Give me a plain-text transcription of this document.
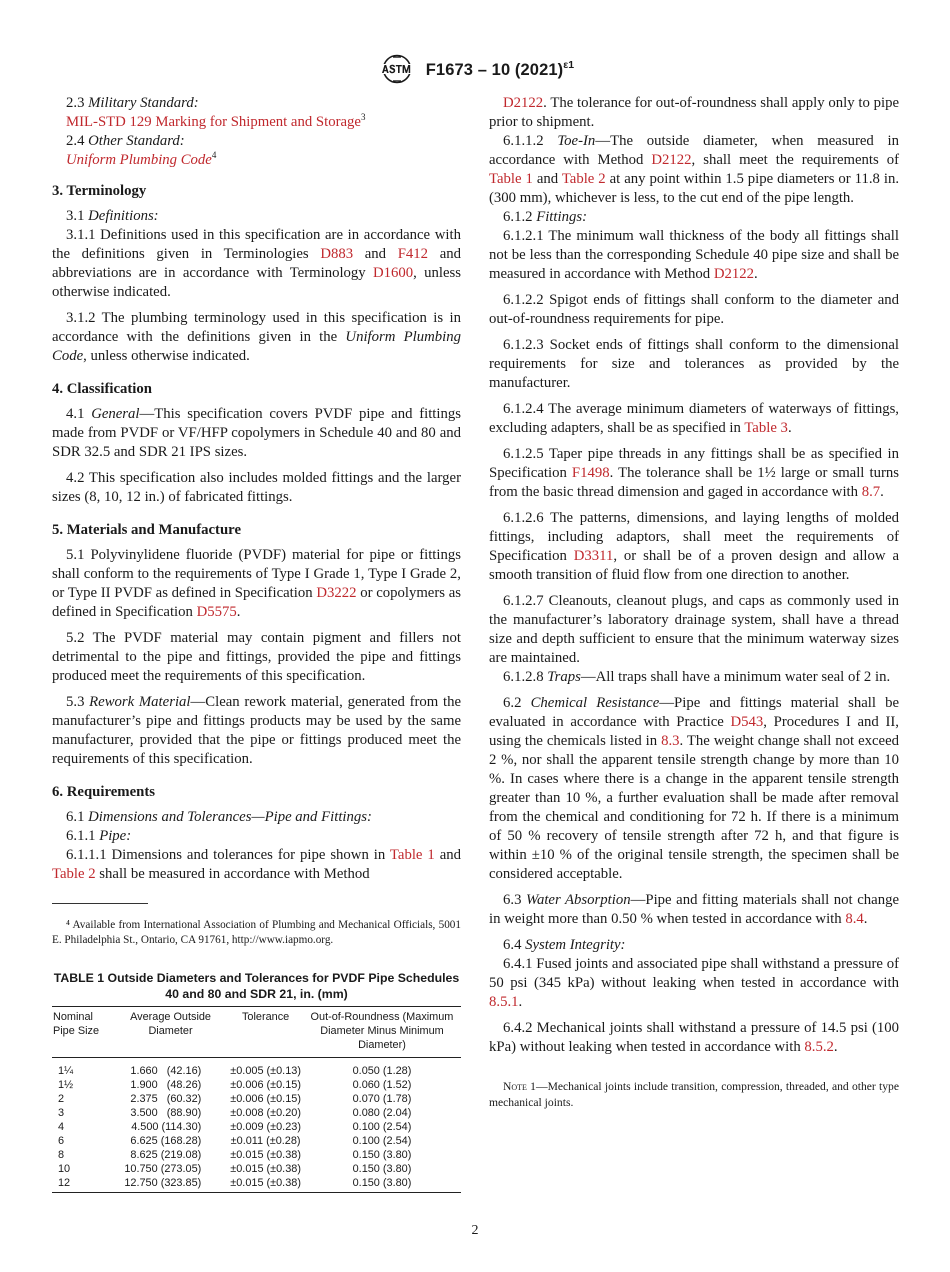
F1673 – 10 $(2021)^{\varepsilon 1}$

2.3 Military Standard:

MIL-STD 129 Marking for Shipment and Storage$^3$

2.4 Other Standard:

Uniform Plumbing Code$^4$

3. Terminology

3.1 Definitions:

3.1.1 Definitions used in this specification are in accordance with the definitions given in Terminologies D883 and F412 and abbreviations are in accordance with Terminology D1600, unless otherwise indicated.

3.1.2 The plumbing terminology used in this specification is in accordance with the definitions given in the Uniform Plumbing Code, unless otherwise indicated.

4. Classification

4.1 General—This specification covers PVDF pipe and fittings made from PVDF or VF/HFP copolymers in Schedule 40 and 80 and SDR 32.5 and SDR 21 IPS sizes.

4.2 This specification also includes molded fittings and the larger sizes (8, 10, 12 in.) of fabricated fittings.

5. Materials and Manufacture

5.1 Polyvinylidene fluoride (PVDF) material for pipe or fittings shall conform to the requirements of Type I Grade 1, Type I Grade 2, or Type II PVDF as defined in Specification D3222 or copolymers as defined in Specification D5575.

5.2 The PVDF material may contain pigment and fillers not detrimental to the pipe and fittings, provided the pipe and fittings produced meet the requirements of this specification.

5.3 Rework Material—Clean rework material, generated from the manufacturer’s pipe and fittings products may be used by the same manufacturer, provided that the pipe or fittings produced meet the requirements of this specification.

6. Requirements

6.1 Dimensions and Tolerances—Pipe and Fittings:

6.1.1 Pipe:

6.1.1.1 Dimensions and tolerances for pipe shown in Table 1 and Table 2 shall be measured in accordance with Method

⁴ Available from International Association of Plumbing and Mechanical Officials, 5001 E. Philadelphia St., Ontario, CA 91761, http://www.iapmo.org.

TABLE 1 Outside Diameters and Tolerances for PVDF Pipe Schedules 40 and 80 and SDR 21, in. (mm)
Nominal Pipe Size	Average Outside Diameter	Tolerance	Out-of-Roundness (Maximum Diameter Minus Minimum Diameter)
1¼	1.660   (42.16)	±0.005 (±0.13)	0.050 (1.28)
1½	1.900   (48.26)	±0.006 (±0.15)	0.060 (1.52)
2	2.375   (60.32)	±0.006 (±0.15)	0.070 (1.78)
3	3.500   (88.90)	±0.008 (±0.20)	0.080 (2.04)
4	4.500 (114.30)	±0.009 (±0.23)	0.100 (2.54)
6	6.625 (168.28)	±0.011 (±0.28)	0.100 (2.54)
8	8.625 (219.08)	±0.015 (±0.38)	0.150 (3.80)
10	10.750 (273.05)	±0.015 (±0.38)	0.150 (3.80)
12	12.750 (323.85)	±0.015 (±0.38)	0.150 (3.80)

D2122. The tolerance for out-of-roundness shall apply only to pipe prior to shipment.

6.1.1.2 Toe-In—The outside diameter, when measured in accordance with Method D2122, shall meet the requirements of Table 1 and Table 2 at any point within 1.5 pipe diameters or 11.8 in. (300 mm), whichever is less, to the cut end of the pipe length.

6.1.2 Fittings:

6.1.2.1 The minimum wall thickness of the body all fittings shall not be less than the corresponding Schedule 40 pipe size and shall be measured in accordance with Method D2122.

6.1.2.2 Spigot ends of fittings shall conform to the diameter and out-of-roundness requirements for pipe.

6.1.2.3 Socket ends of fittings shall conform to the dimensional requirements for size and tolerances as provided by the manufacturer.

6.1.2.4 The average minimum diameters of waterways of fittings, excluding adapters, shall be as specified in Table 3.

6.1.2.5 Taper pipe threads in any fittings shall be as specified in Specification F1498. The tolerance shall be 1½ large or small turns from the basic thread dimension and gaged in accordance with 8.7.

6.1.2.6 The patterns, dimensions, and laying lengths of molded fittings, including adaptors, shall meet the requirements of Specification D3311, or shall be of a proven design and allow a smooth transition of fluid flow from one direction to another.

6.1.2.7 Cleanouts, cleanout plugs, and caps as commonly used in the manufacturer’s laboratory drainage system, shall have a thread size and depth sufficient to ensure that the minimum waterway sizes are maintained.

6.1.2.8 Traps—All traps shall have a minimum water seal of 2 in.

6.2 Chemical Resistance—Pipe and fittings material shall be evaluated in accordance with Practice D543, Procedures I and II, using the chemicals listed in 8.3. The weight change shall not exceed 2 %, nor shall the apparent tensile strength change by more than 10 %. In cases where there is a change in the apparent tensile strength greater than 10 %, a further evaluation shall be made after removal from the chemical and conditioning for 72 h. If there is a minimum of 50 % recovery of tensile strength after 72 h, and that figure is within ±10 % of the original tensile strength, the specimen shall be considered acceptable.

6.3 Water Absorption—Pipe and fitting materials shall not change in weight more than 0.50 % when tested in accordance with 8.4.

6.4 System Integrity:

6.4.1 Fused joints and associated pipe shall withstand a pressure of 50 psi (345 kPa) without leaking when tested in accordance with 8.5.1.

6.4.2 Mechanical joints shall withstand a pressure of 14.5 psi (100 kPa) without leaking when tested in accordance with 8.5.2.

Note 1—Mechanical joints include transition, compression, threaded, and other type mechanical joints.

2
